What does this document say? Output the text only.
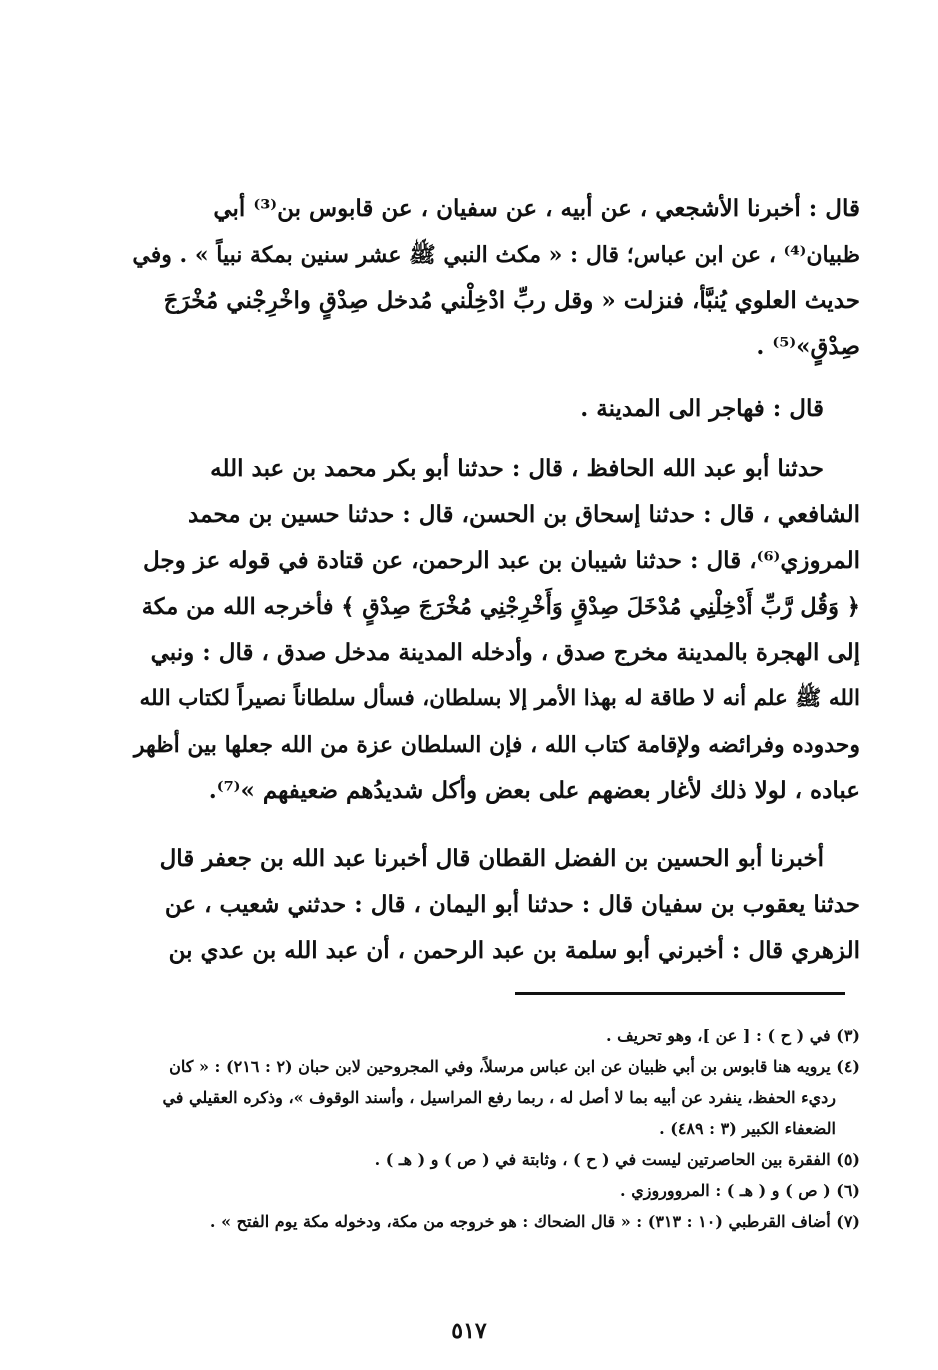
قال : أخبرنا الأشجعي ، عن أبيه ، عن سفيان ، عن قابوس بن⁽³⁾ أبي
ظبيان⁽⁴⁾ ، عن ابن عباس؛ قال : « مكث النبي ﷺ عشر سنين بمكة نبياً » . وفي
حديث العلوي يُنبَّأ، فنزلت « وقل ربِّ ادْخِلْني مُدخل صِدْقٍ واخْرِجْني مُخْرَجَ
صِدْقٍ»⁽⁵⁾ .
قال : فهاجر الى المدينة .
حدثنا أبو عبد الله الحافظ ، قال : حدثنا أبو بكر محمد بن عبد الله
الشافعي ، قال : حدثنا إسحاق بن الحسن، قال : حدثنا حسين بن محمد
المروزي⁽⁶⁾، قال : حدثنا شيبان بن عبد الرحمن، عن قتادة في قوله عز وجل
﴿ وَقُل رَّبِّ أَدْخِلْنِي مُدْخَلَ صِدْقٍ وَأَخْرِجْنِي مُخْرَجَ صِدْقٍ ﴾ فأخرجه الله من مكة
إلى الهجرة بالمدينة مخرج صدق ، وأدخله المدينة مدخل صدق ، قال : ونبي
الله ﷺ علم أنه لا طاقة له بهذا الأمر إلا بسلطان، فسأل سلطاناً نصيراً لكتاب الله
وحدوده وفرائضه ولإقامة كتاب الله ، فإن السلطان عزة من الله جعلها بين أظهر
عباده ، لولا ذلك لأغار بعضهم على بعض وأكل شديدُهم ضعيفهم »⁽⁷⁾.
أخبرنا أبو الحسين بن الفضل القطان قال أخبرنا عبد الله بن جعفر قال
حدثنا يعقوب بن سفيان قال : حدثنا أبو اليمان ، قال : حدثني شعيب ، عن
الزهري قال : أخبرني أبو سلمة بن عبد الرحمن ، أن عبد الله بن عدي بن
(٣) في ( ح ) : [ عن ]، وهو تحريف .
(٤) يرويه هنا قابوس بن أبي ظبيان عن ابن عباس مرسلاً، وفي المجروحين لابن حبان (٢ : ٢١٦) : « كان
رديء الحفظ، ينفرد عن أبيه بما لا أصل له ، ربما رفع المراسيل ، وأسند الوقوف »، وذكره العقيلي في
الضعفاء الكبير (٣ : ٤٨٩) .
(٥) الفقرة بين الحاصرتين ليست في ( ح ) ، وثابتة في ( ص ) و ( هـ ) .
(٦) ( ص ) و ( هـ ) : المرووروزي .
(٧) أضاف القرطبي (١٠ : ٣١٣) : « قال الضحاك : هو خروجه من مكة، ودخوله مكة يوم الفتح » .
٥١٧
